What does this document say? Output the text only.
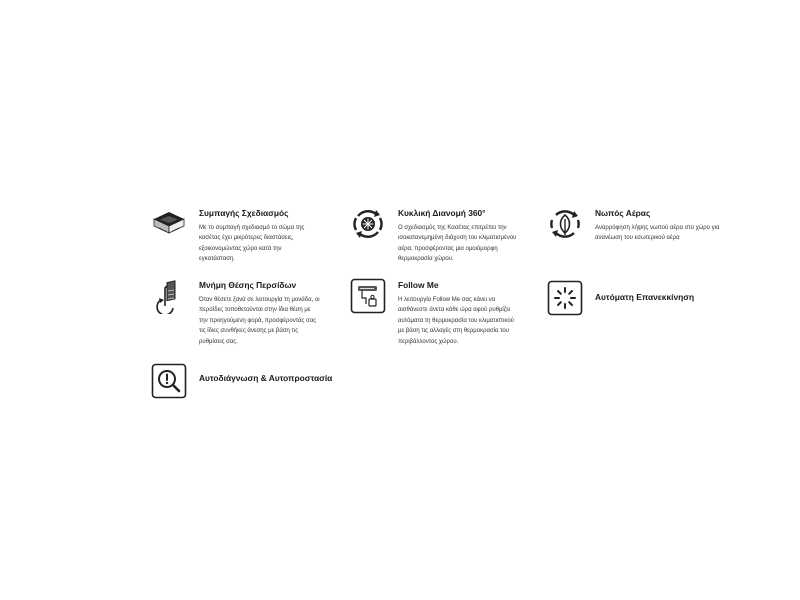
Συμπαγής Σχεδιασμός
Με το συμπαγή σχεδιασμό το σώμα της
κασέτας έχει μικρότερες διαστάσεις,
εξοικονομώντας χώρο κατά την
εγκατάσταση.
Κυκλική Διανομή 360°
Ο σχεδιασμός της Κασέτας επιτρέπει την
ισοκατανεμημένη διάχυση του κλιματισμένου
αέρα, προσφέροντας μια ομοιόμορφη
θερμοκρασία χώρου.
Νωπός Αέρας
Αναρρόφηση λήψης νωπού αέρα στο χώρο για
ανανέωση του εσωτερικού αέρα
Μνήμη Θέσης Περσίδων
Όταν θέσετε ξανά σε λειτουργία τη μονάδα, οι
περσίδες τοποθετούνται στην ίδια θέση με
την προηγούμενη φορά, προσφέροντάς σας
τις ίδιες συνθήκες άνεσης με βάση τις
ρυθμίσεις σας.
Follow Me
Η λειτουργία Follow Me σας κάνει να
αισθάνεστε άνετα κάθε ώρα αφού ρυθμίζει
αυτόματα τη θερμοκρασία του κλιματιστικού
με βάση τις αλλαγές στη θερμοκρασία του
περιβάλλοντος χώρου.
Αυτόματη Επανεκκίνηση
Αυτοδιάγνωση & Αυτοπροστασία
